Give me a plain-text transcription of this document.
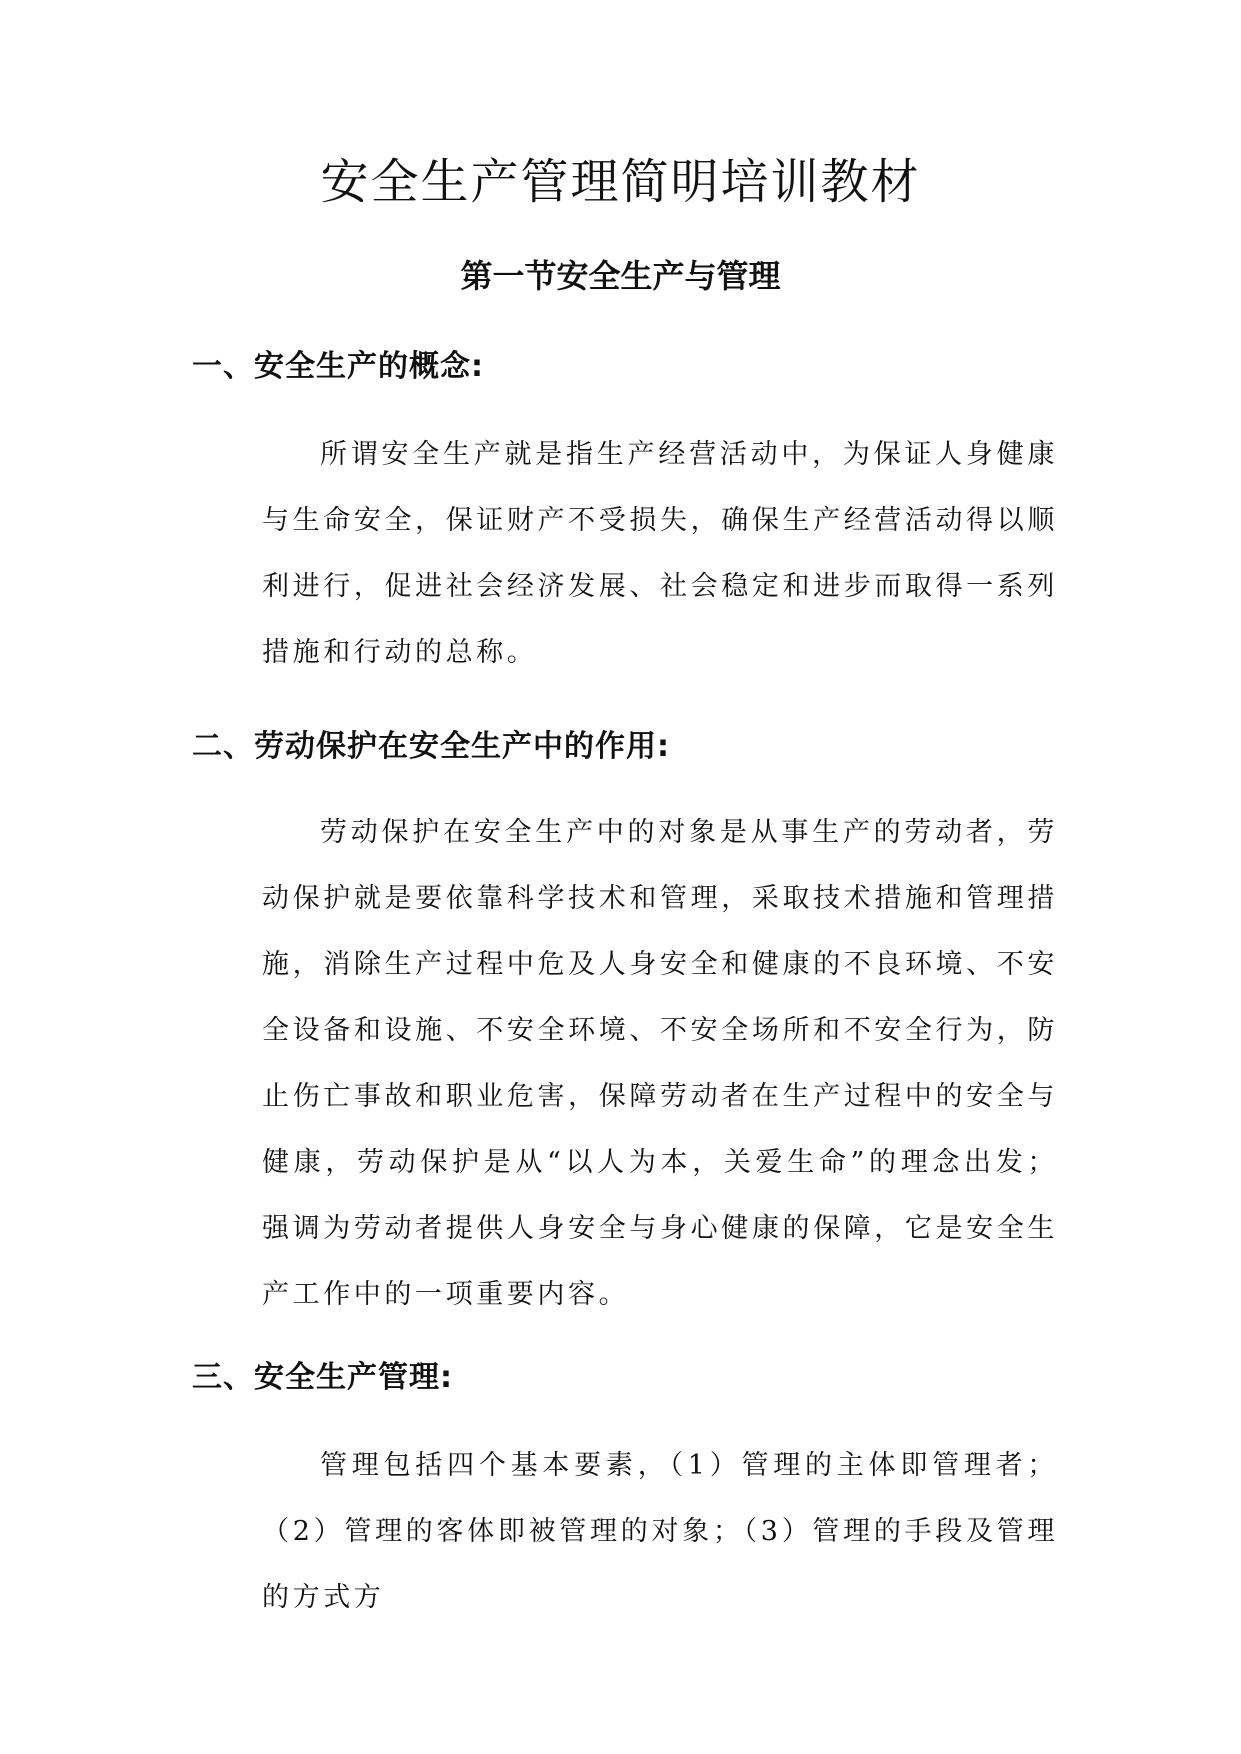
安全生产管理简明培训教材
第一节安全生产与管理
一、安全生产的概念:

所谓安全生产就是指生产经营活动中，为保证人身健康与生命安全，保证财产不受损失，确保生产经营活动得以顺利进行，促进社会经济发展、社会稳定和进步而取得一系列措施和行动的总称。

二、劳动保护在安全生产中的作用:

劳动保护在安全生产中的对象是从事生产的劳动者，劳动保护就是要依靠科学技术和管理，采取技术措施和管理措施，消除生产过程中危及人身安全和健康的不良环境、不安全设备和设施、不安全环境、不安全场所和不安全行为，防止伤亡事故和职业危害，保障劳动者在生产过程中的安全与健康，劳动保护是从“以人为本，关爱生命”的理念出发；强调为劳动者提供人身安全与身心健康的保障，它是安全生产工作中的一项重要内容。

三、安全生产管理:

管理包括四个基本要素，（1）管理的主体即管理者；（2）管理的客体即被管理的对象；（3）管理的手段及管理的方式方
